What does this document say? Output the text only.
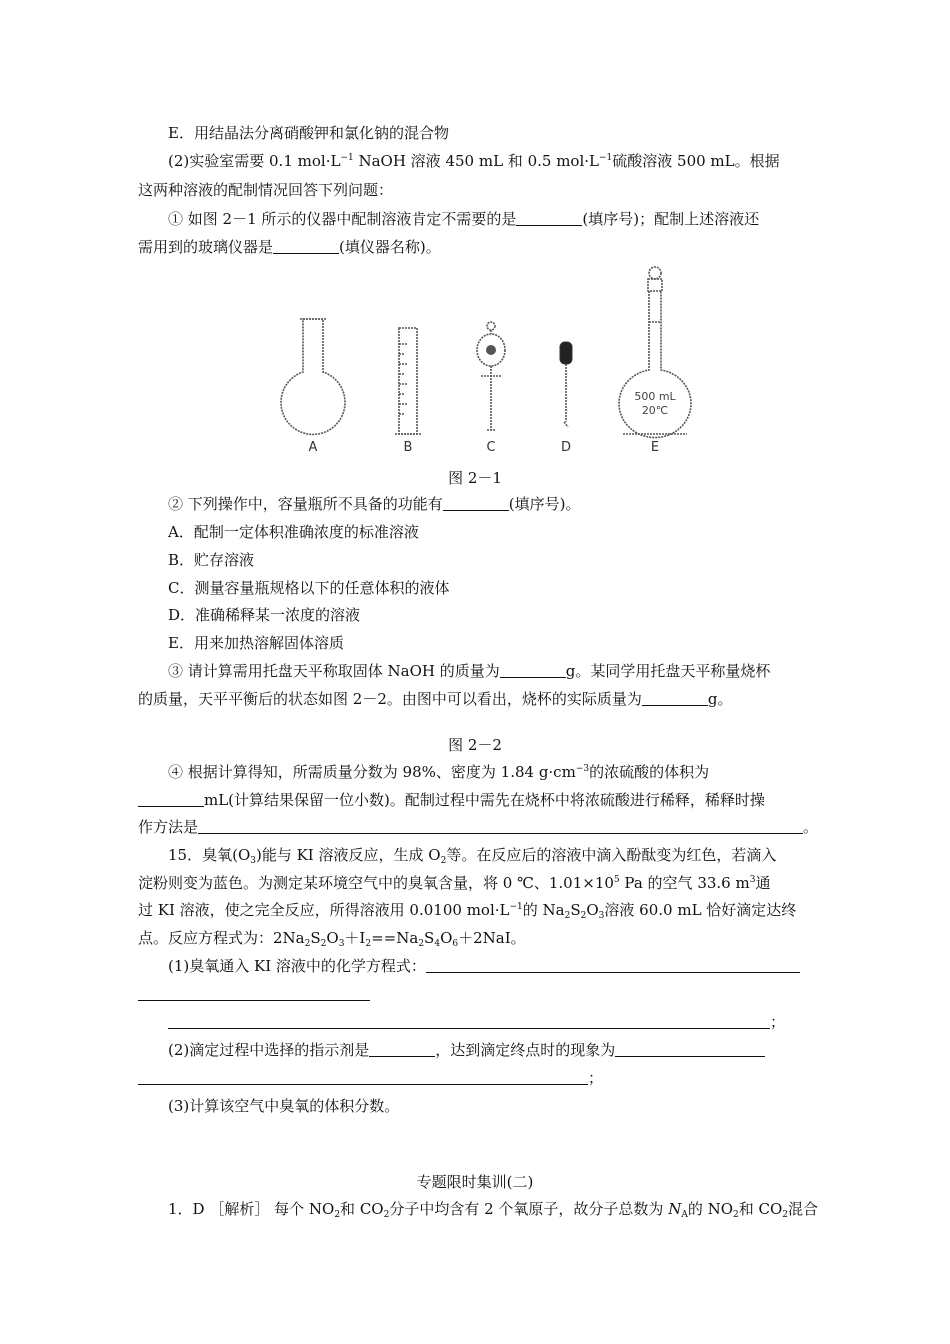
E．用结晶法分离硝酸钾和氯化钠的混合物
(2)实验室需要 0.1 $mol\cdot L^{-1}$ NaOH 溶液 450 mL 和 0.5 $mol\cdot L^{-1}$硫酸溶液 500 mL。根据
这两种溶液的配制情况回答下列问题：
① 如图 2－1 所示的仪器中配制溶液肯定不需要的是	(填序号)；配制上述溶液还
需用到的玻璃仪器是	(填仪器名称)。
500 mL
20℃
A	B	C	D	E
图 2－1
② 下列操作中，容量瓶所不具备的功能有	(填序号)。
A．配制一定体积准确浓度的标准溶液
B．贮存溶液
C．测量容量瓶规格以下的任意体积的液体
D．准确稀释某一浓度的溶液
E．用来加热溶解固体溶质
③ 请计算需用托盘天平称取固体 NaOH 的质量为	g。某同学用托盘天平称量烧杯
的质量，天平平衡后的状态如图 2－2。由图中可以看出，烧杯的实际质量为	g。
图 2－2
④ 根据计算得知，所需质量分数为 98%、密度为 1.84 $g\cdot cm^{-3}$的浓硫酸的体积为
mL(计算结果保留一位小数)。配制过程中需先在烧杯中将浓硫酸进行稀释，稀释时操
作方法是	。
15．臭氧$(O_3)$能与 KI 溶液反应，生成 $O_2$等。在反应后的溶液中滴入酚酞变为红色，若滴入
淀粉则变为蓝色。为测定某环境空气中的臭氧含量，将 0 ℃、$1.01\times 10^5$ Pa 的空气 33.6 $m^3$通
过 KI 溶液，使之完全反应，所得溶液用 0.0100 $mol\cdot L^{-1}$的 $Na_2S_2O_3$溶液 60.0 mL 恰好滴定达终
点。反应方程式为：$2Na_2S_2O_3+I_2==Na_2S_4O_6+2NaI$。
(1)臭氧通入 KI 溶液中的化学方程式：
；
(2)滴定过程中选择的指示剂是	，达到滴定终点时的现象为
；
(3)计算该空气中臭氧的体积分数。
专题限时集训(二)
1．D ［解析］ 每个 $NO_2$和 $CO_2$分子中均含有 2 个氧原子，故分子总数为 $N_A$的 $NO_2$和 $CO_2$混合
